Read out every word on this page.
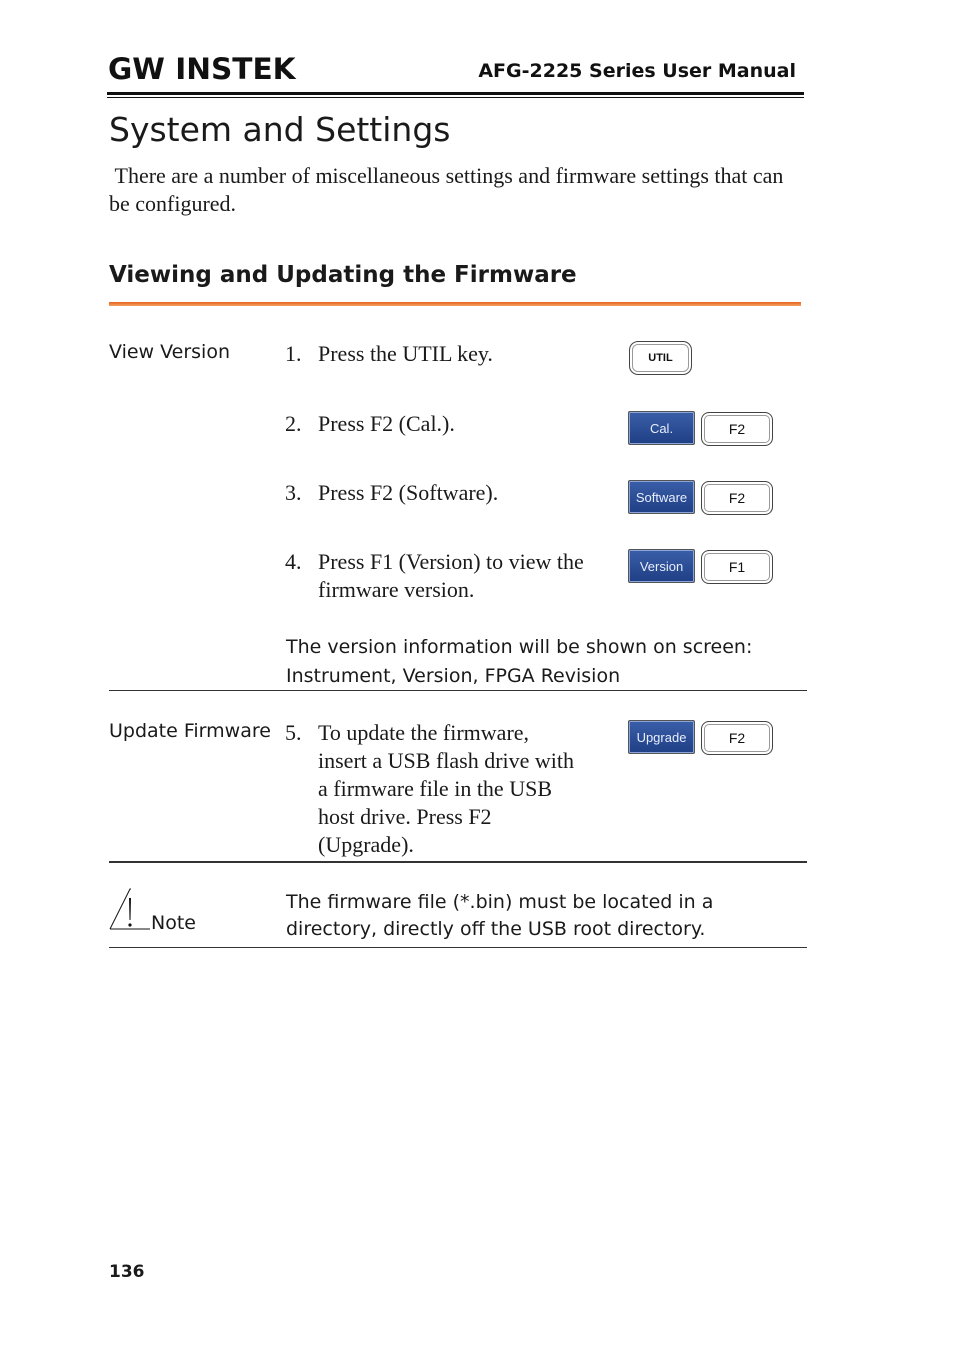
GW INSTEK	AFG-2225 Series User Manual
System and Settings

There are a number of miscellaneous settings and firmware settings that can be configured.

Viewing and Updating the Firmware
View Version	1. Press the UTIL key.	UTIL
2. Press F2 (Cal.).	Cal.	F2
3. Press F2 (Software).	Software	F2
4. Press F1 (Version) to view the
firmware version.
Version	F1
The version information will be shown on screen:
Instrument, Version, FPGA Revision
Update Firmware 5. To update the firmware,
insert a USB flash drive with
a firmware file in the USB
host drive. Press F2
(Upgrade).
Upgrade	F2
Note
The firmware file (*.bin) must be located in a
directory, directly off the USB root directory.
136
